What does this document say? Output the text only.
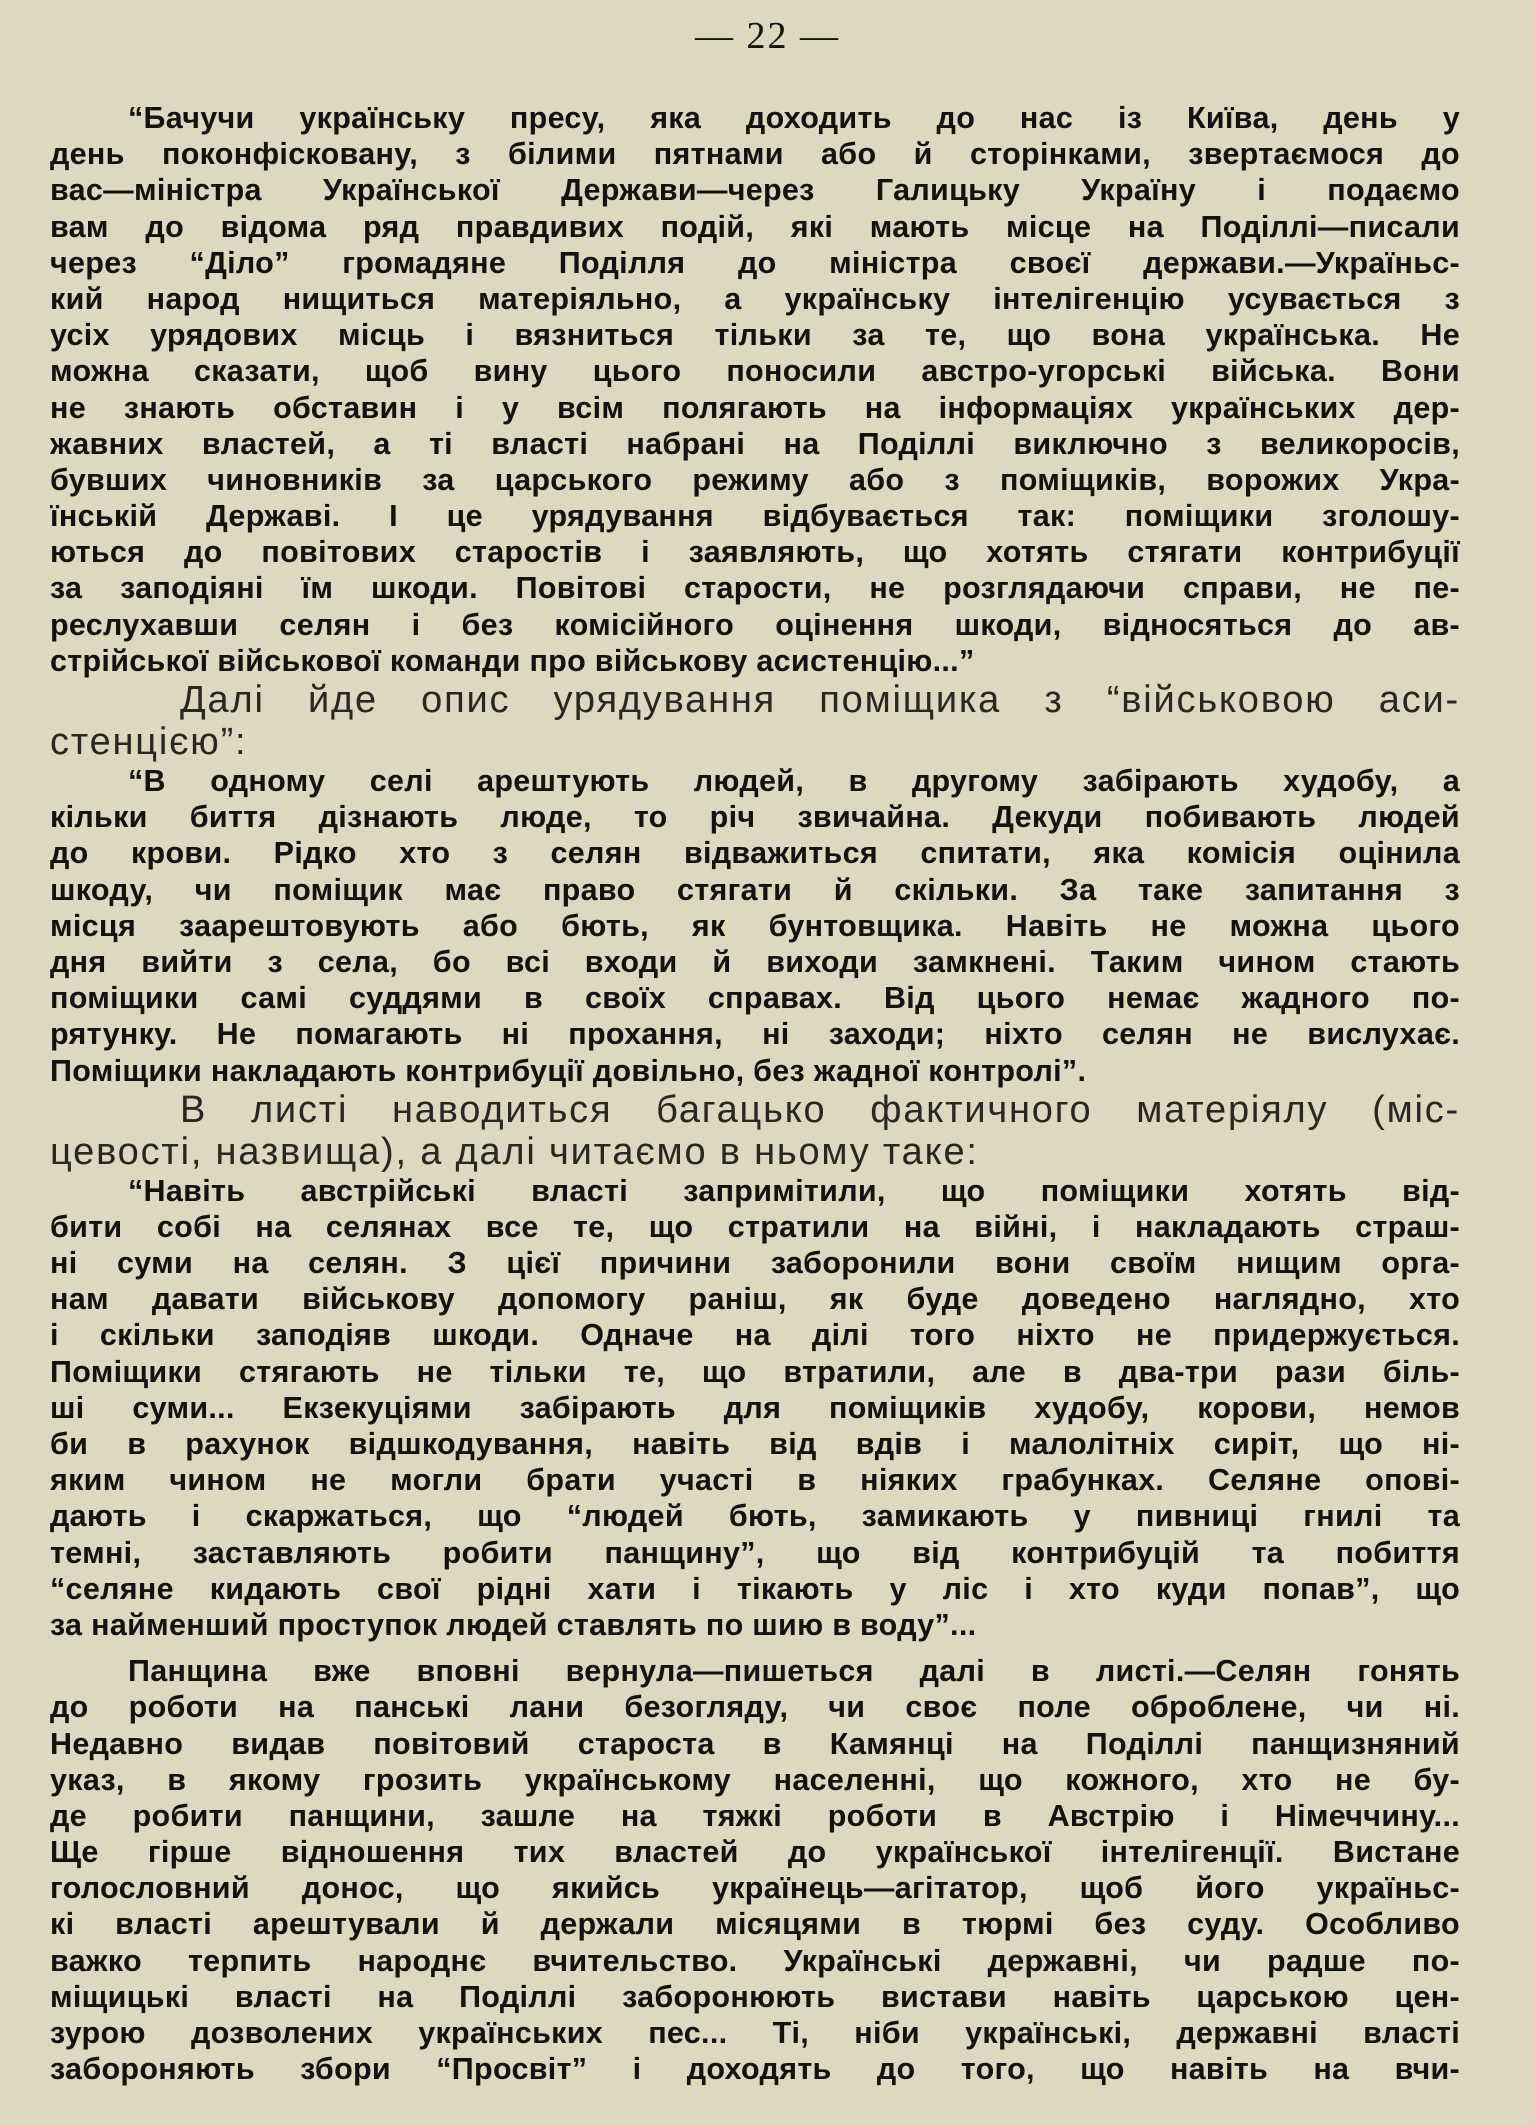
— 22 —
“Бачучи українську пресу, яка доходить до нас із Київа, день у
день поконфіскованy, з білими пятнами або й сторінками, звертаємося до
вас—міністра Української Держави—через Галицьку Україну і подаємо
вам до відома ряд правдивих подій, які мають місце на Поділлі—писали
через “Діло” громадяне Поділля до міністра своєї держави.—Україньс-
кий народ нищиться матеріяльно, а українську інтелігенцію усувається з
усіх урядових місць і вязниться тільки за те, що вона українська. Не
можна сказати, щоб вину цього поносили австро-угорські війська. Вони
не знають обставин і у всім полягають на інформаціях українських дер-
жавних властей, а ті власті набрані на Поділлі виключно з великоросів,
бувших чиновників за царського режиму або з поміщиків, ворожих Укра-
їнській Державі. І це урядування відбувається так: поміщики зголошу-
ються до повітових старостів і заявляють, що хотять стягати контрибуції
за заподіяні їм шкоди. Повітові старости, не розглядаючи справи, не пе-
реслухавши селян і без комісійного оцінення шкоди, відносяться до ав-
стрійської військової команди про військову асистенцію...”
Далі йде опис урядування поміщика з “військовою аси-
стенцією”:
“В одному селі арештують людей, в другому забірають худобу, а
кільки биття дізнають люде, то річ звичайна. Декуди побивають людей
до крови. Рідко хто з селян відважиться спитати, яка комісія оцінила
шкоду, чи поміщик має право стягати й скільки. За таке запитання з
місця заарештовують або бють, як бунтовщика. Навіть не можна цього
дня вийти з села, бо всі входи й виходи замкнені. Таким чином стають
поміщики самі суддями в своїх справах. Від цього немає жадного по-
рятунку. Не помагають ні прохання, ні заходи; ніхто селян не вислухає.
Поміщики накладають контрибуції довільно, без жадної контролі”.
В листі наводиться багацько фактичного матеріялу (міс-
цевості, назвища), а далі читаємо в ньому таке:
“Навіть австрійські власті запримітили, що поміщики хотять від-
бити собі на селянах все те, що стратили на війні, і накладають страш-
ні суми на селян. З цієї причини заборонили вони своїм нищим орга-
нам давати військову допомогу раніш, як буде доведено наглядно, хто
і скільки заподіяв шкоди. Одначе на ділі того ніхто не придержується.
Поміщики стягають не тільки те, що втратили, але в два-три рази біль-
ші суми... Екзекуціями забірають для поміщиків худобу, корови, немов
би в рахунок відшкодування, навіть від вдів і малолітніх сиріт, що ні-
яким чином не могли брати участі в ніяких грабунках. Селяне опові-
дають і скаржаться, що “людей бють, замикають у пивниці гнилі та
темні, заставляють робити панщину”, що від контрибуцій та побиття
“селяне кидають свої рідні хати і тікають у ліс і хто куди попав”, що
за найменший проступок людей ставлять по шию в воду”...
Панщина вже вповні вернула—пишеться далі в листі.—Селян гонять
до роботи на панські лани безогляду, чи своє поле оброблене, чи ні.
Недавно видав повітовий староста в Камянці на Поділлі панщизняний
указ, в якому грозить українському населенні, що кожного, хто не бу-
де робити панщини, зашле на тяжкі роботи в Австрію і Німеччину...
Ще гірше відношення тих властей до української інтелігенції. Вистане
голословний донос, що якийсь українець—агітатор, щоб його україньс-
кі власті арештували й держали місяцями в тюрмі без суду. Особливо
важко терпить народнє вчительство. Українські державні, чи радше по-
міщицькі власті на Поділлі заборонюють вистави навіть царською цен-
зурою дозволених українських пес... Ті, ніби українські, державні власті
забороняють збори “Просвіт” і доходять до того, що навіть на вчи-
